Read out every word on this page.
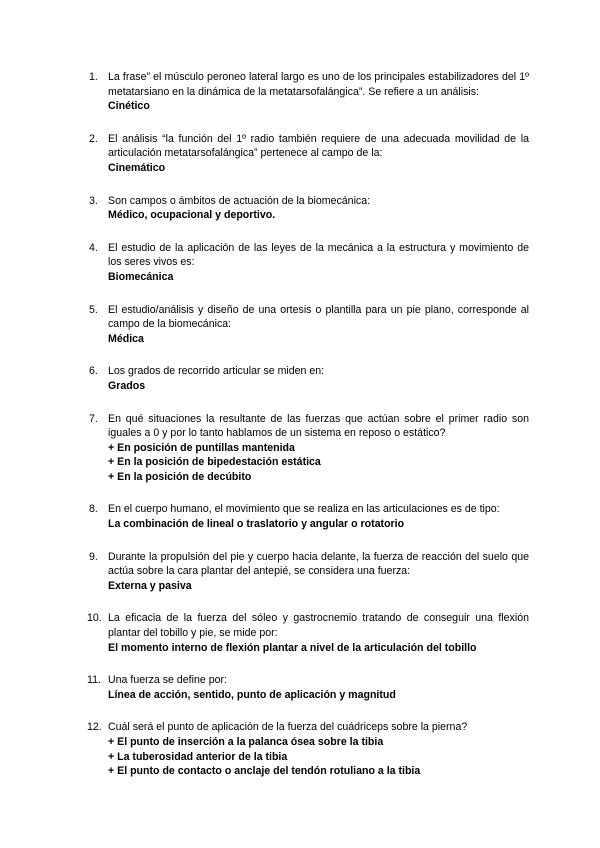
1. La frase” el músculo peroneo lateral largo es uno de los principales estabilizadores del 1º metatarsiano en la dinámica de la metatarsofalángica”. Se refiere a un análisis:
Cinético
2. El análisis “la función del 1º radio también requiere de una adecuada movilidad de la articulación metatarsofalángica” pertenece al campo de la:
Cinemático
3. Son campos o ámbitos de actuación de la biomecánica:
Médico, ocupacional y deportivo.
4. El estudio de la aplicación de las leyes de la mecánica a la estructura y movimiento de los seres vivos es:
Biomecánica
5. El estudio/análisis y diseño de una ortesis o plantilla para un pie plano, corresponde al campo de la biomecánica:
Médica
6. Los grados de recorrido articular se miden en:
Grados
7. En qué situaciones la resultante de las fuerzas que actúan sobre el primer radio son iguales a 0 y por lo tanto hablamos de un sistema en reposo o estático?
+ En posición de puntillas mantenida
+ En la posición de bipedestación estática
+ En la posición de decúbito
8. En el cuerpo humano, el movimiento que se realiza en las articulaciones es de tipo:
La combinación de lineal o traslatorio y angular o rotatorio
9. Durante la propulsión del pie y cuerpo hacia delante, la fuerza de reacción del suelo que actúa sobre la cara plantar del antepié, se considera una fuerza:
Externa y pasiva
10. La eficacia de la fuerza del sóleo y gastrocnemio tratando de conseguir una flexión plantar del tobillo y pie, se mide por:
El momento interno de flexión plantar a nivel de la articulación del tobillo
11. Una fuerza se define por:
Línea de acción, sentido, punto de aplicación y magnitud
12. Cuál será el punto de aplicación de la fuerza del cuádriceps sobre la pierna?
+ El punto de inserción a la palanca ósea sobre la tibia
+ La tuberosidad anterior de la tibia
+ El punto de contacto o anclaje del tendón rotuliano a la tibia
